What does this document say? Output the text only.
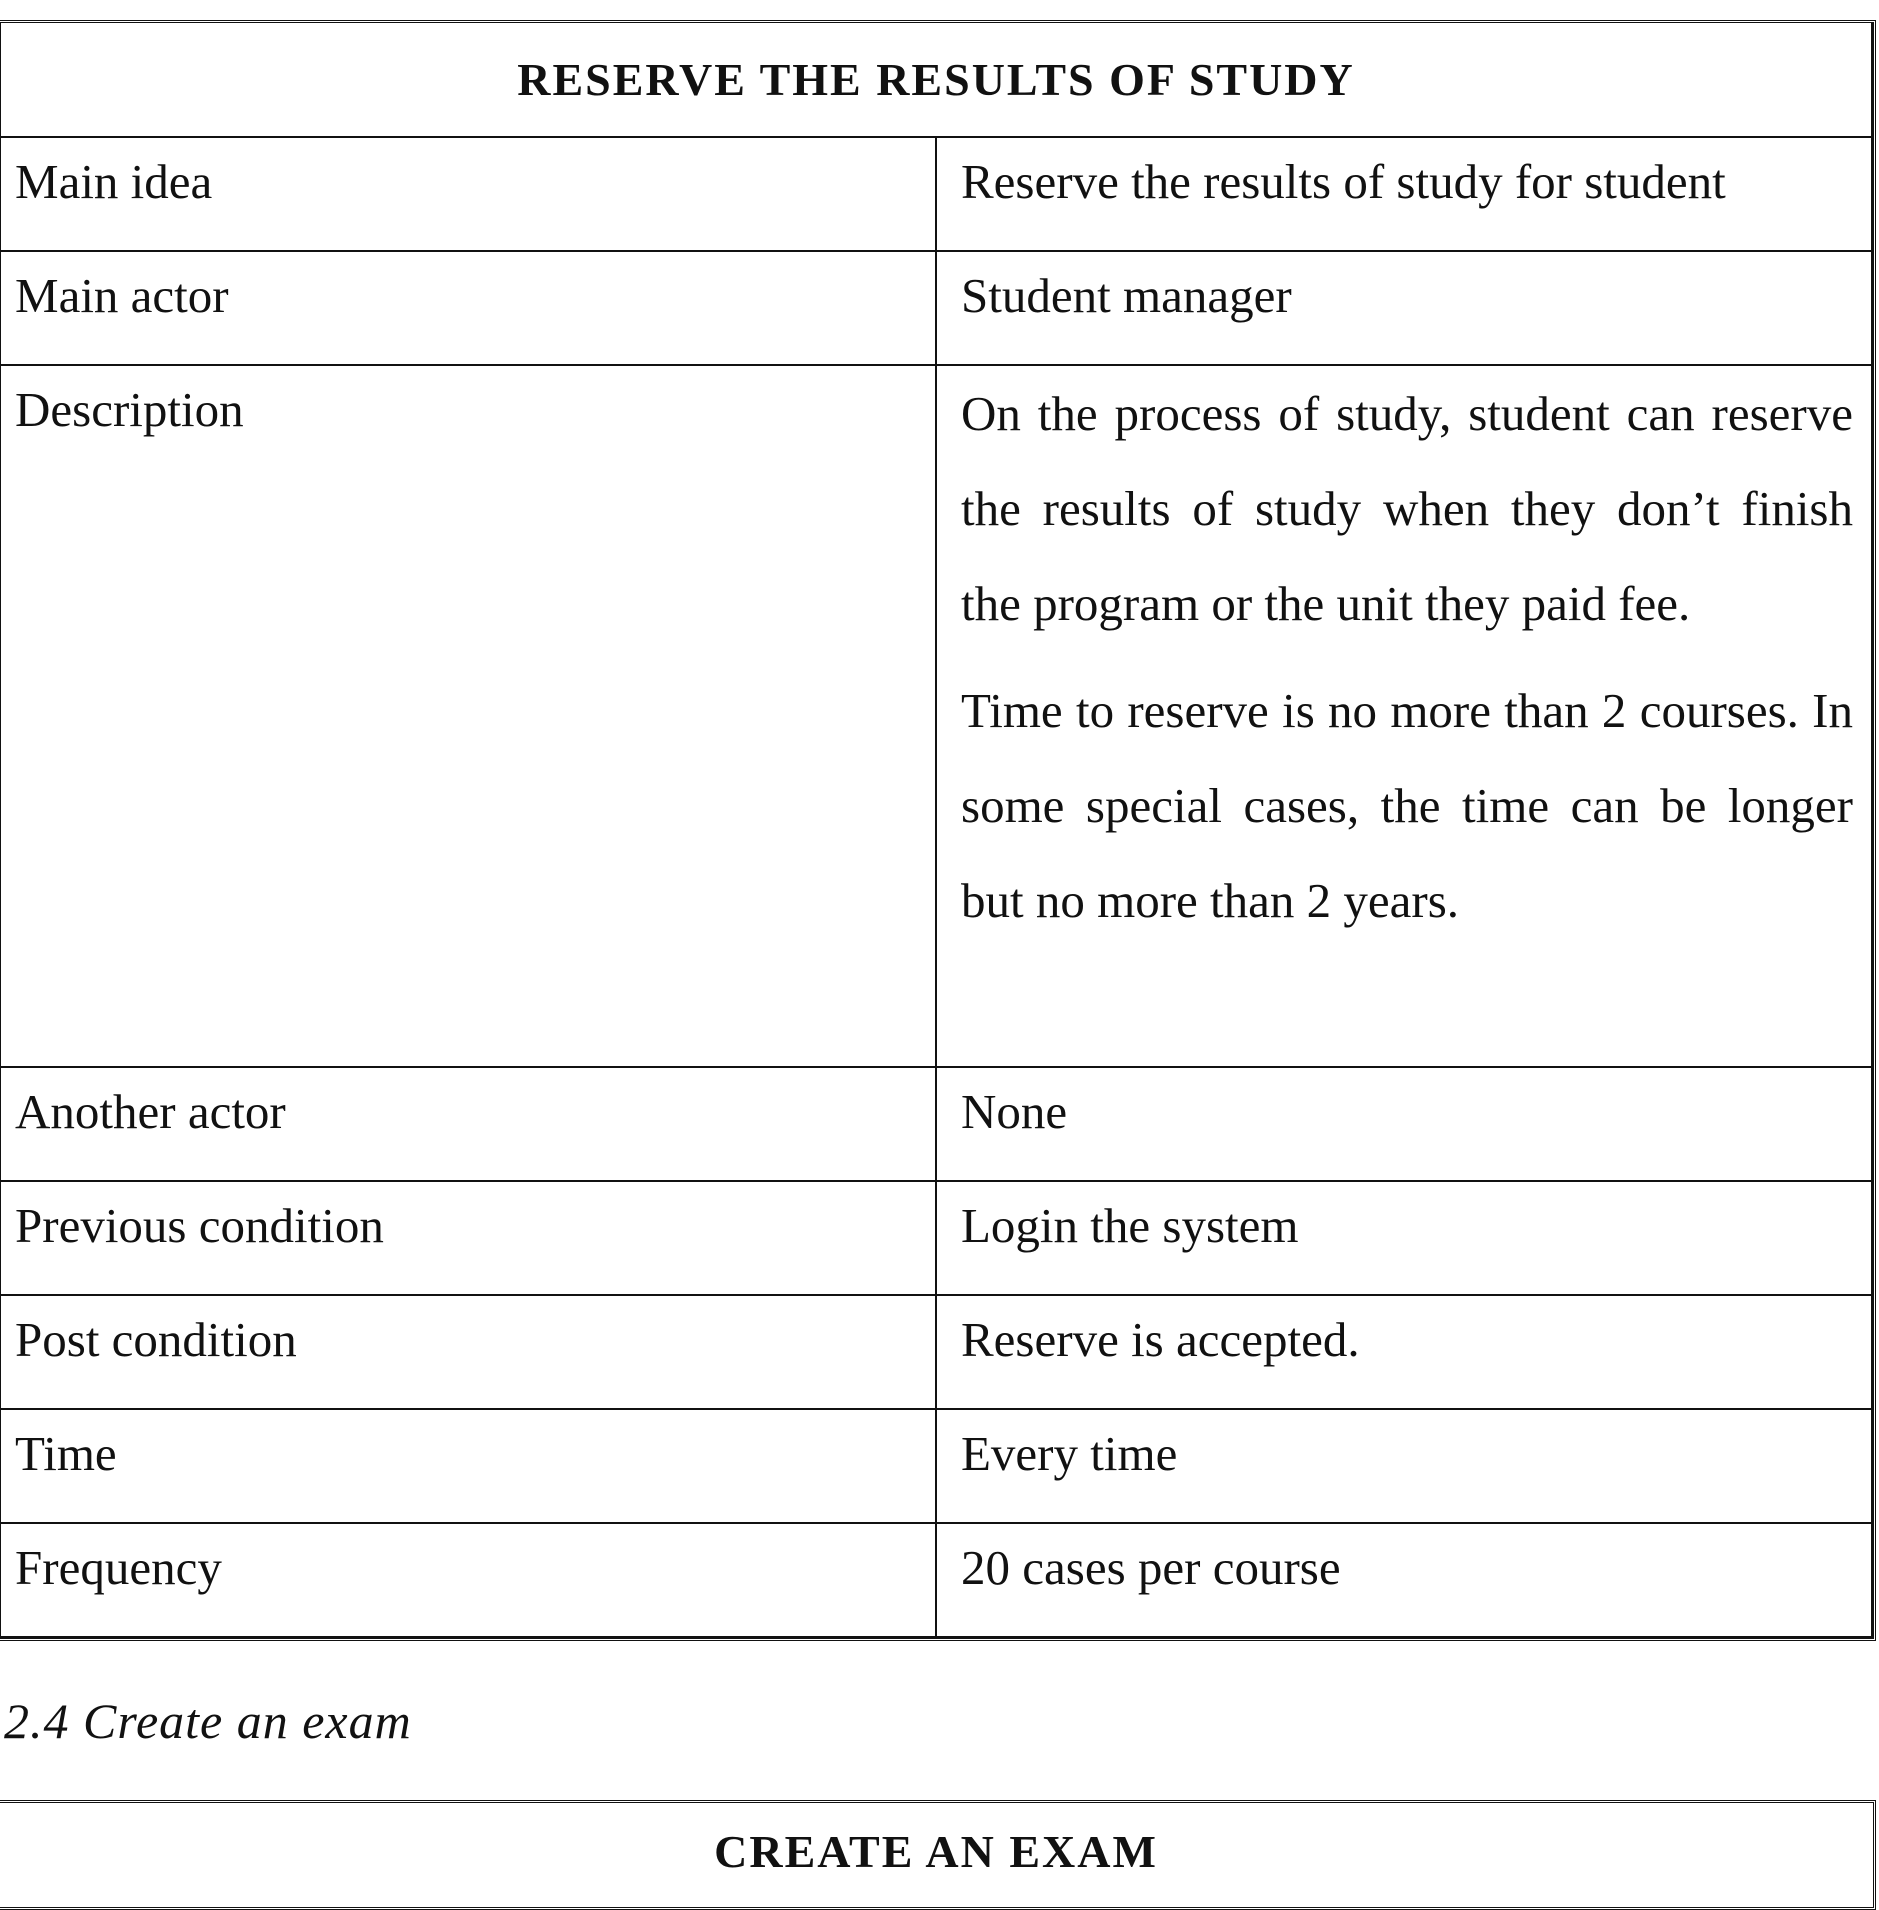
RESERVE THE RESULTS OF STUDY	
Main idea	Reserve the results of study for student
Main actor	Student manager
Description	On the process of study, student can reserve the results of study when they don’t finish the program or the unit they paid fee.

Time to reserve is no more than 2 courses. In some special cases, the time can be longer but no more than 2 years.

Another actor	None
Previous condition	Login the system
Post condition	Reserve is accepted.
Time	Every time
Frequency	20 cases per course
2.4 Create an exam
CREATE AN EXAM
